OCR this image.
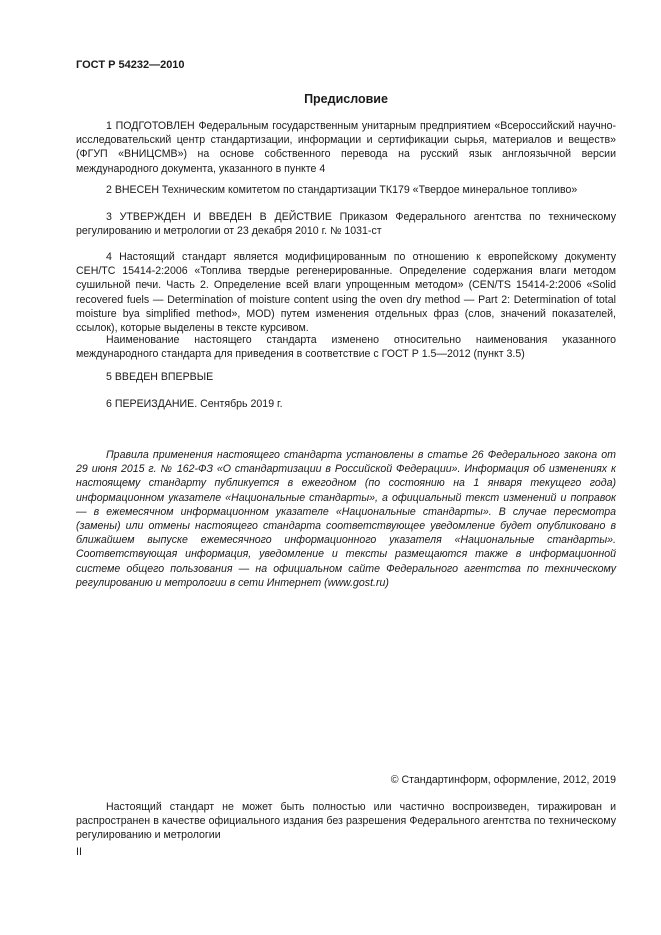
ГОСТ Р 54232—2010
Предисловие

1 ПОДГОТОВЛЕН Федеральным государственным унитарным предприятием «Всероссийский научно-исследовательский центр стандартизации, информации и сертификации сырья, материалов и веществ» (ФГУП «ВНИЦСМВ») на основе собственного перевода на русский язык англоязычной версии международного документа, указанного в пункте 4

2 ВНЕСЕН Техническим комитетом по стандартизации ТК179 «Твердое минеральное топливо»

3 УТВЕРЖДЕН И ВВЕДЕН В ДЕЙСТВИЕ Приказом Федерального агентства по техническому регулированию и метрологии от 23 декабря 2010 г. № 1031-ст

4 Настоящий стандарт является модифицированным по отношению к европейскому документу CEH/TC 15414-2:2006 «Топлива твердые регенерированные. Определение содержания влаги методом сушильной печи. Часть 2. Определение всей влаги упрощенным методом» (CEN/TS 15414-2:2006 «Solid recovered fuels — Determination of moisture content using the oven dry method — Part 2: Determination of total moisture bya simplified method», MOD) путем изменения отдельных фраз (слов, значений показателей, ссылок), которые выделены в тексте курсивом.

Наименование настоящего стандарта изменено относительно наименования указанного международного стандарта для приведения в соответствие с ГОСТ Р 1.5—2012 (пункт 3.5)

5 ВВЕДЕН ВПЕРВЫЕ

6 ПЕРЕИЗДАНИЕ. Сентябрь 2019 г.

Правила применения настоящего стандарта установлены в статье 26 Федерального закона от 29 июня 2015 г. № 162-ФЗ «О стандартизации в Российской Федерации». Информация об изменениях к настоящему стандарту публикуется в ежегодном (по состоянию на 1 января текущего года) информационном указателе «Национальные стандарты», а официальный текст изменений и поправок — в ежемесячном информационном указателе «Национальные стандарты». В случае пересмотра (замены) или отмены настоящего стандарта соответствующее уведомление будет опубликовано в ближайшем выпуске ежемесячного информационного указателя «Национальные стандарты». Соответствующая информация, уведомление и тексты размещаются также в информационной системе общего пользования — на официальном сайте Федерального агентства по техническому регулированию и метрологии в сети Интернет (www.gost.ru)

© Стандартинформ, оформление, 2012, 2019

Настоящий стандарт не может быть полностью или частично воспроизведен, тиражирован и распространен в качестве официального издания без разрешения Федерального агентства по техническому регулированию и метрологии

II
